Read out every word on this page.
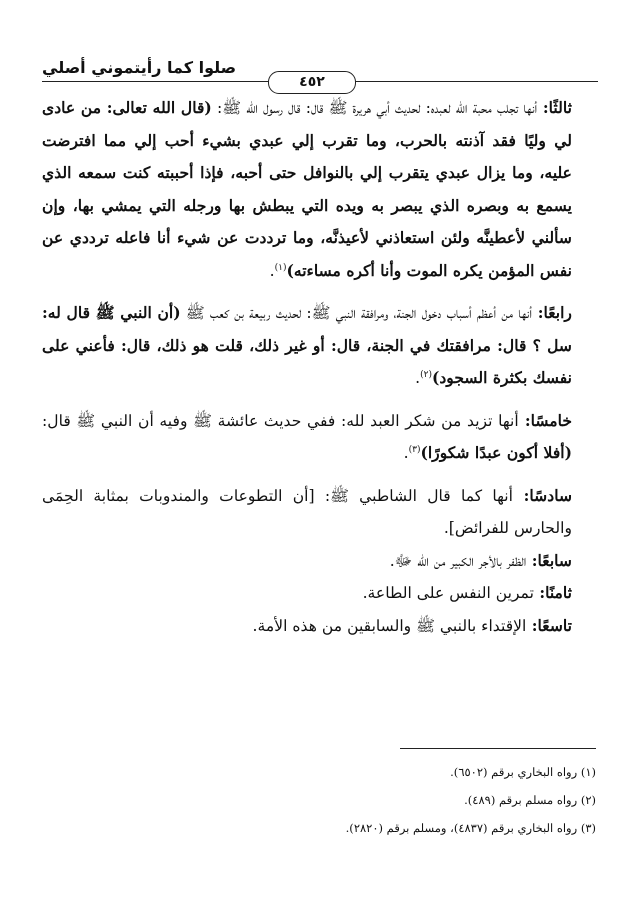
صلوا كما رأيتموني أصلي
٤٥٢

ثالثًا: أنها تجلب محبة الله لعبده: لحديث أبي هريرة ﷺ قال: قال رسول الله ﷺ: (قال الله تعالى: من عادى لي وليًا فقد آذنته بالحرب، وما تقرب إلي عبدي بشيء أحب إلي مما افترضت عليه، وما يزال عبدي يتقرب إلي بالنوافل حتى أحبه، فإذا أحببته كنت سمعه الذي يسمع به وبصره الذي يبصر به ويده التي يبطش بها ورجله التي يمشي بها، وإن سألني لأعطينَّه ولئن استعاذني لأعيذنَّه، وما ترددت عن شيء أنا فاعله ترددي عن نفس المؤمن يكره الموت وأنا أكره مساءته)$^{(١)}$.

رابعًا: أنها من أعظم أسباب دخول الجنة، ومرافقة النبي ﷺ: لحديث ربيعة بن كعب ﷺ (أن النبي ﷺ قال له: سل ؟ قال: مرافقتك في الجنة، قال: أو غير ذلك، قلت هو ذلك، قال: فأعني على نفسك بكثرة السجود)$^{(٢)}$.

خامسًا: أنها تزيد من شكر العبد لله: ففي حديث عائشة ﷺ وفيه أن النبي ﷺ قال: (أفلا أكون عبدًا شكورًا)$^{(٣)}$.

سادسًا: أنها كما قال الشاطبي ﷺ: [أن التطوعات والمندوبات بمثابة الحِمَى والحارس للفرائض].

سابعًا: الظفر بالأجر الكبير من الله ﷻ.

ثامنًا: تمرين النفس على الطاعة.

تاسعًا: الإقتداء بالنبي ﷺ والسابقين من هذه الأمة.

(١) رواه البخاري برقم (٦٥٠٢).
(٢) رواه مسلم برقم (٤٨٩).
(٣) رواه البخاري برقم (٤٨٣٧)، ومسلم برقم (٢٨٢٠).
